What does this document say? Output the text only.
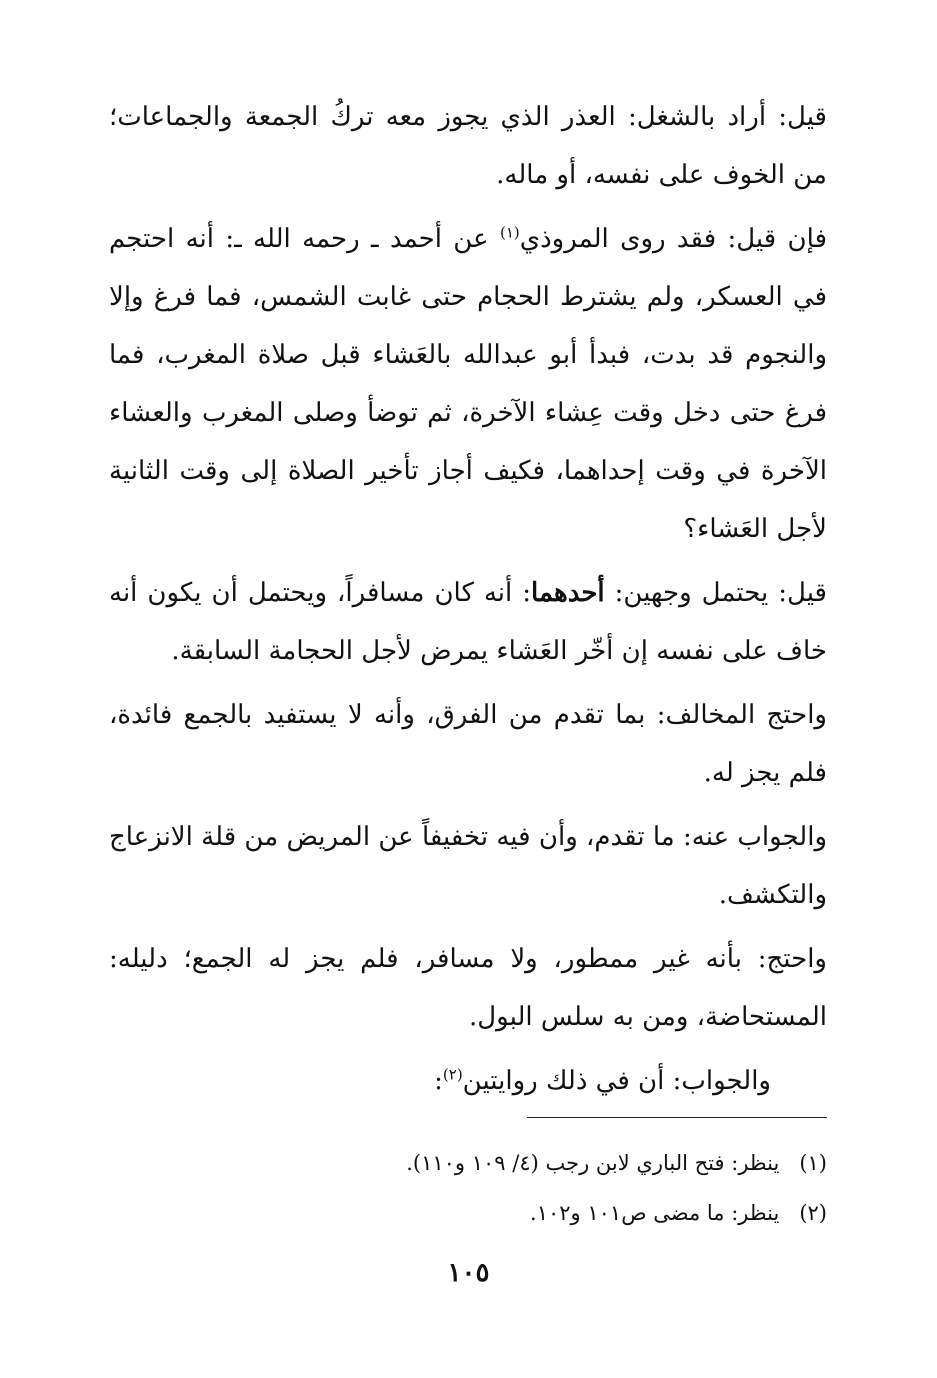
قيل: أراد بالشغل: العذر الذي يجوز معه تركُ الجمعة والجماعات؛ من الخوف على نفسه، أو ماله.

فإن قيل: فقد روى المروذي$^{(١)}$ عن أحمد ـ رحمه الله ـ: أنه احتجم في العسكر، ولم يشترط الحجام حتى غابت الشمس، فما فرغ وإلا والنجوم قد بدت، فبدأ أبو عبدالله بالعَشاء قبل صلاة المغرب، فما فرغ حتى دخل وقت عِشاء الآخرة، ثم توضأ وصلى المغرب والعشاء الآخرة في وقت إحداهما، فكيف أجاز تأخير الصلاة إلى وقت الثانية لأجل العَشاء؟

قيل: يحتمل وجهين: أحدهما: أنه كان مسافراً، ويحتمل أن يكون أنه خاف على نفسه إن أخّر العَشاء يمرض لأجل الحجامة السابقة.

واحتج المخالف: بما تقدم من الفرق، وأنه لا يستفيد بالجمع فائدة، فلم يجز له.

والجواب عنه: ما تقدم، وأن فيه تخفيفاً عن المريض من قلة الانزعاج والتكشف.

واحتج: بأنه غير ممطور، ولا مسافر، فلم يجز له الجمع؛ دليله: المستحاضة، ومن به سلس البول.

والجواب: أن في ذلك روايتين$^{(٢)}$:

(١)
ينظر: فتح الباري لابن رجب (٤/ ١٠٩ و١١٠).
(٢)
ينظر: ما مضى ص١٠١ و١٠٢.
١٠٥
